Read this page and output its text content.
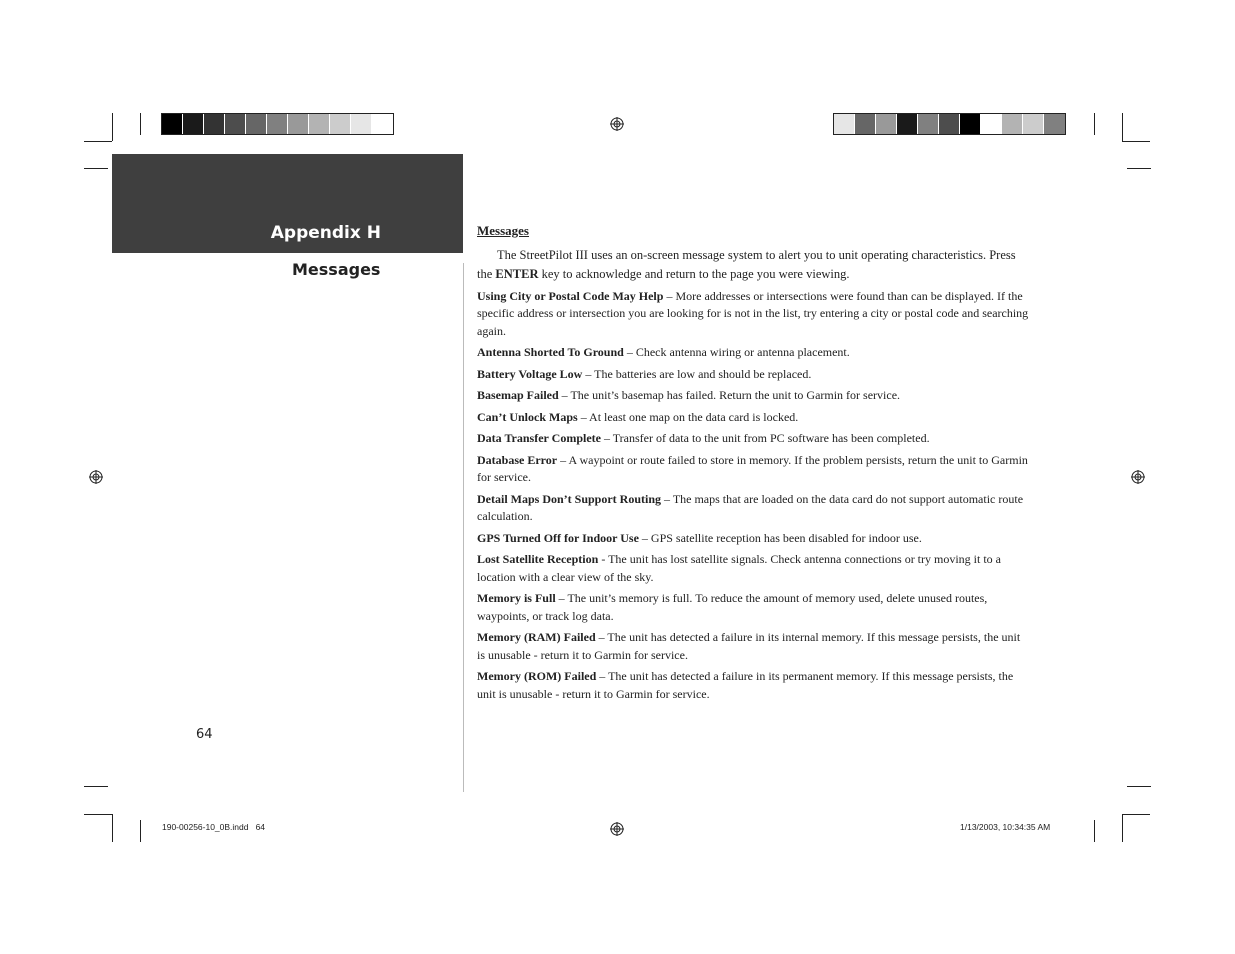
Appendix H
Messages
64
Messages

The StreetPilot III uses an on-screen message system to alert you to unit operating characteristics. Press the ENTER key to acknowledge and return to the page you were viewing.

Using City or Postal Code May Help – More addresses or intersections were found than can be displayed. If the specific address or intersection you are looking for is not in the list, try entering a city or postal code and searching again.

Antenna Shorted To Ground – Check antenna wiring or antenna placement.

Battery Voltage Low – The batteries are low and should be replaced.

Basemap Failed – The unit’s basemap has failed. Return the unit to Garmin for service.

Can’t Unlock Maps – At least one map on the data card is locked.

Data Transfer Complete – Transfer of data to the unit from PC software has been completed.

Database Error – A waypoint or route failed to store in memory. If the problem persists, return the unit to Garmin for service.

Detail Maps Don’t Support Routing – The maps that are loaded on the data card do not support automatic route calculation.

GPS Turned Off for Indoor Use – GPS satellite reception has been disabled for indoor use.

Lost Satellite Reception - The unit has lost satellite signals. Check antenna connections or try moving it to a location with a clear view of the sky.

Memory is Full – The unit’s memory is full. To reduce the amount of memory used, delete unused routes, waypoints, or track log data.

Memory (RAM) Failed – The unit has detected a failure in its internal memory. If this message persists, the unit is unusable - return it to Garmin for service.

Memory (ROM) Failed – The unit has detected a failure in its permanent memory. If this message persists, the unit is unusable - return it to Garmin for service.

190-00256-10_0B.indd   64	1/13/2003, 10:34:35 AM
